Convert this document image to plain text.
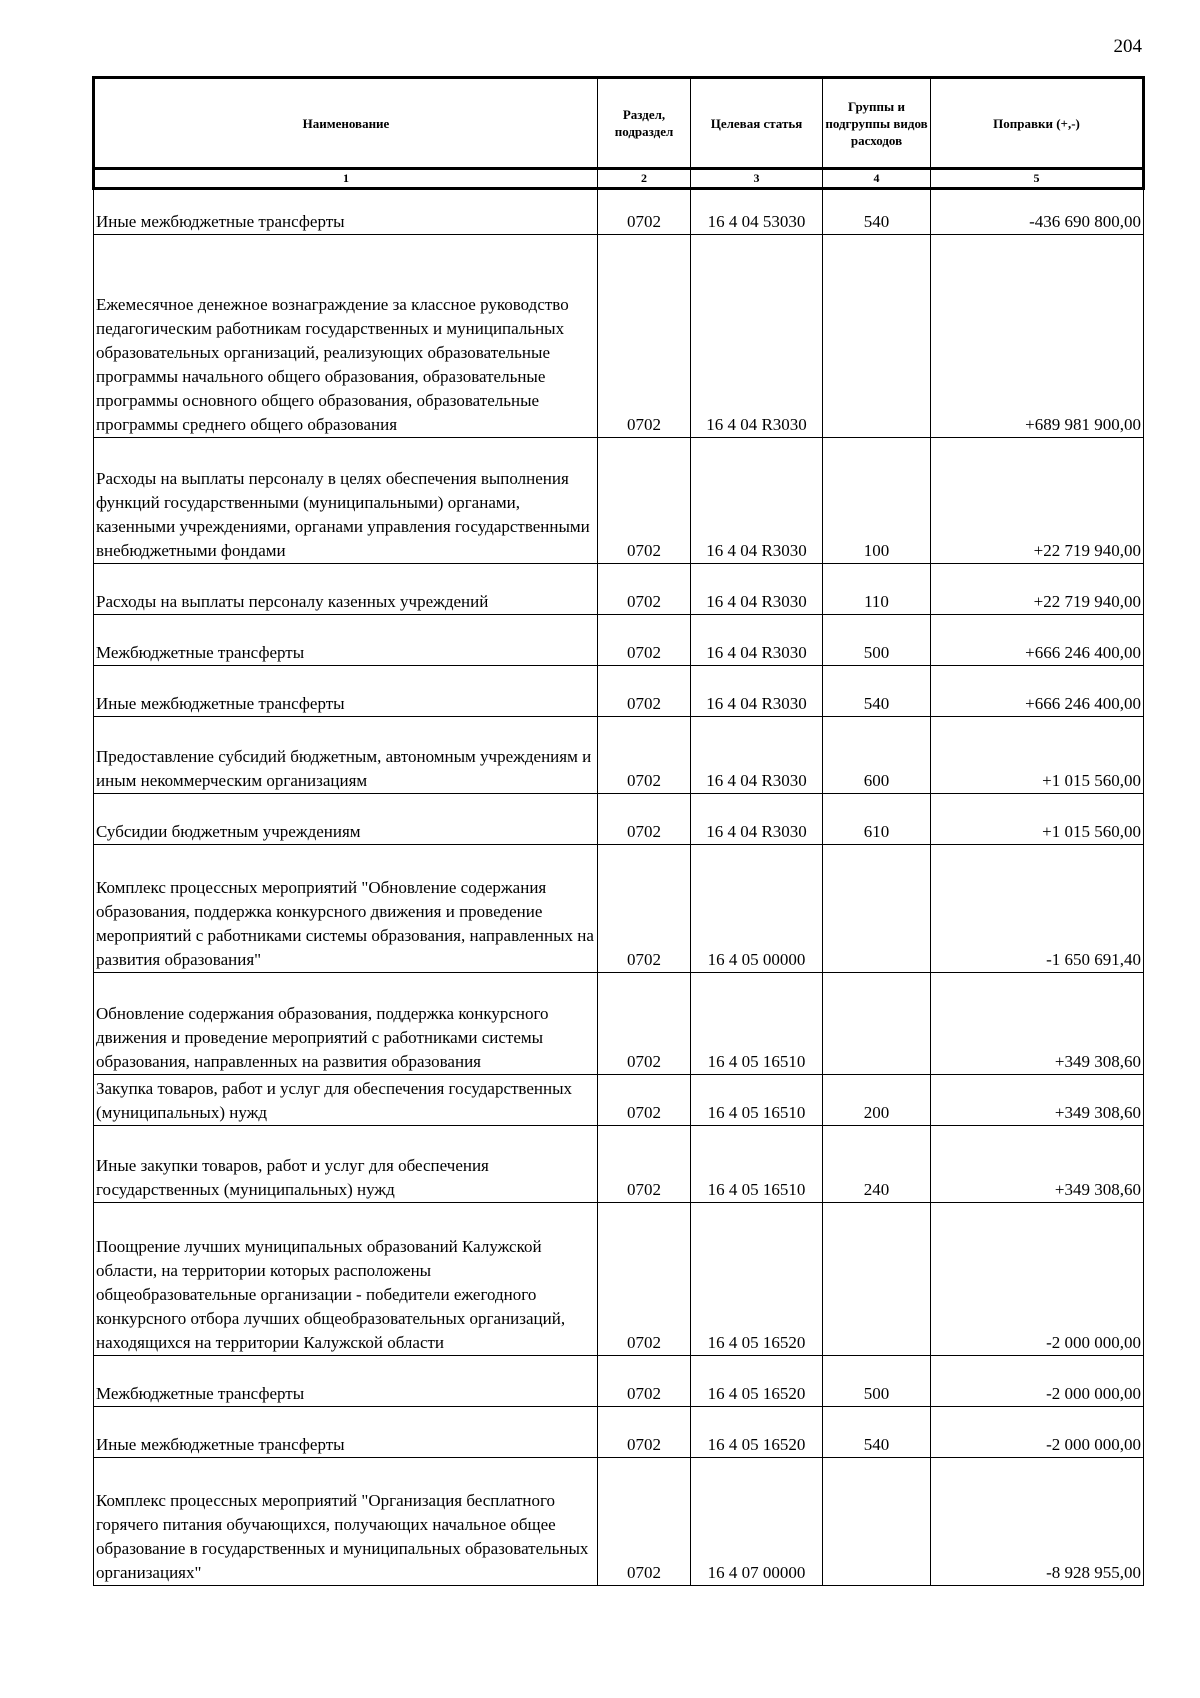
204
Наименование	Раздел, подраздел	Целевая статья	Группы и подгруппы видов расходов	Поправки (+,-)
1	2	3	4	5
Иные межбюджетные трансферты	0702	16 4 04 53030	540	-436 690 800,00
Ежемесячное денежное вознаграждение за классное руководство педагогическим работникам государственных и муниципальных образовательных организаций, реализующих образовательные программы начального общего образования, образовательные программы основного общего образования, образовательные программы среднего общего образования	0702	16 4 04 R3030		+689 981 900,00
Расходы на выплаты персоналу в целях обеспечения выполнения функций государственными (муниципальными) органами, казенными учреждениями, органами управления государственными внебюджетными фондами	0702	16 4 04 R3030	100	+22 719 940,00
Расходы на выплаты персоналу казенных учреждений	0702	16 4 04 R3030	110	+22 719 940,00
Межбюджетные трансферты	0702	16 4 04 R3030	500	+666 246 400,00
Иные межбюджетные трансферты	0702	16 4 04 R3030	540	+666 246 400,00
Предоставление субсидий бюджетным, автономным учреждениям и иным некоммерческим организациям	0702	16 4 04 R3030	600	+1 015 560,00
Субсидии бюджетным учреждениям	0702	16 4 04 R3030	610	+1 015 560,00
Комплекс процессных мероприятий "Обновление содержания образования, поддержка конкурсного движения и проведение мероприятий с работниками системы образования, направленных на развития образования"	0702	16 4 05 00000		-1 650 691,40
Обновление содержания образования, поддержка конкурсного движения и проведение мероприятий с работниками системы образования, направленных на развития образования	0702	16 4 05 16510		+349 308,60
Закупка товаров, работ и услуг для обеспечения государственных (муниципальных) нужд	0702	16 4 05 16510	200	+349 308,60
Иные закупки товаров, работ и услуг для обеспечения государственных (муниципальных) нужд	0702	16 4 05 16510	240	+349 308,60
Поощрение лучших муниципальных образований Калужской области, на территории которых расположены общеобразовательные организации - победители ежегодного конкурсного отбора лучших общеобразовательных организаций, находящихся на территории Калужской области	0702	16 4 05 16520		-2 000 000,00
Межбюджетные трансферты	0702	16 4 05 16520	500	-2 000 000,00
Иные межбюджетные трансферты	0702	16 4 05 16520	540	-2 000 000,00
Комплекс процессных мероприятий "Организация бесплатного горячего питания обучающихся, получающих начальное общее образование в государственных и муниципальных образовательных организациях"	0702	16 4 07 00000		-8 928 955,00
